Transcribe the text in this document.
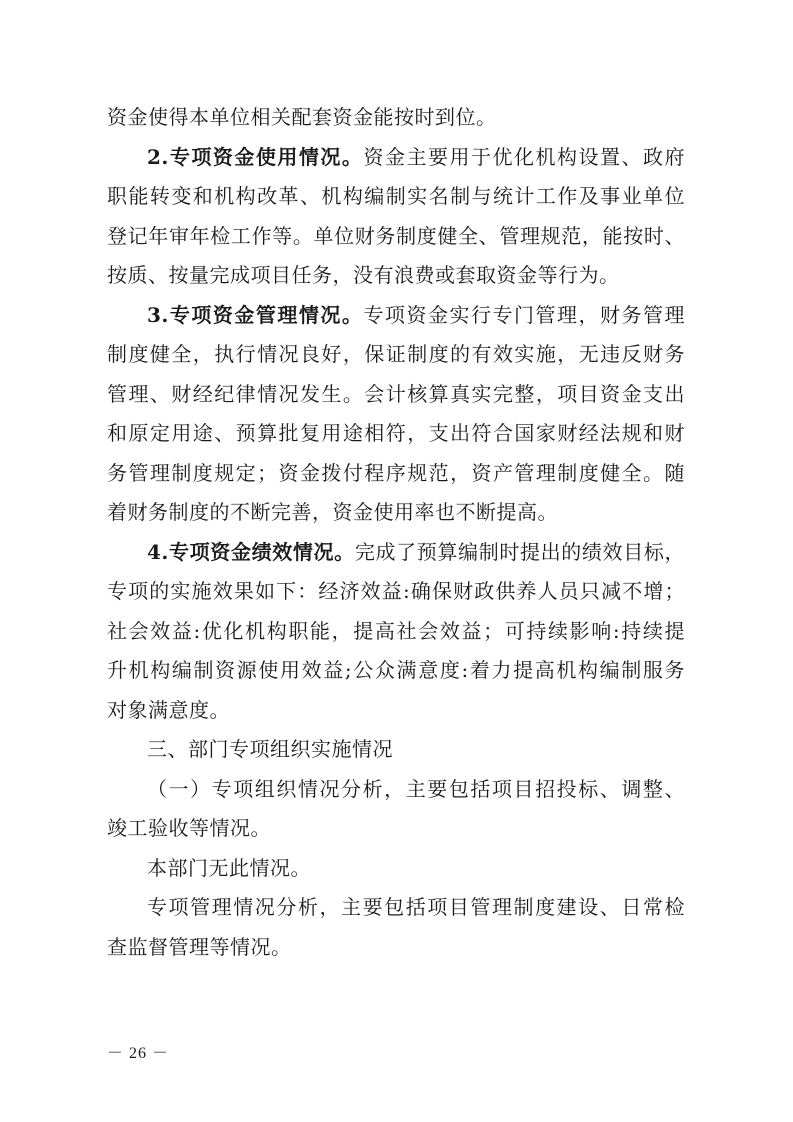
资金使得本单位相关配套资金能按时到位。
2.专项资金使用情况。资金主要用于优化机构设置、政府
职能转变和机构改革、机构编制实名制与统计工作及事业单位
登记年审年检工作等。单位财务制度健全、管理规范，能按时、
按质、按量完成项目任务，没有浪费或套取资金等行为。
3.专项资金管理情况。专项资金实行专门管理，财务管理
制度健全，执行情况良好，保证制度的有效实施，无违反财务
管理、财经纪律情况发生。会计核算真实完整，项目资金支出
和原定用途、预算批复用途相符，支出符合国家财经法规和财
务管理制度规定；资金拨付程序规范，资产管理制度健全。随
着财务制度的不断完善，资金使用率也不断提高。
4.专项资金绩效情况。完成了预算编制时提出的绩效目标，
专项的实施效果如下：经济效益:确保财政供养人员只减不增；
社会效益:优化机构职能，提高社会效益；可持续影响:持续提
升机构编制资源使用效益;公众满意度:着力提高机构编制服务
对象满意度。
三、部门专项组织实施情况
（一）专项组织情况分析，主要包括项目招投标、调整、
竣工验收等情况。
本部门无此情况。
专项管理情况分析，主要包括项目管理制度建设、日常检
查监督管理等情况。
－ 26 －
